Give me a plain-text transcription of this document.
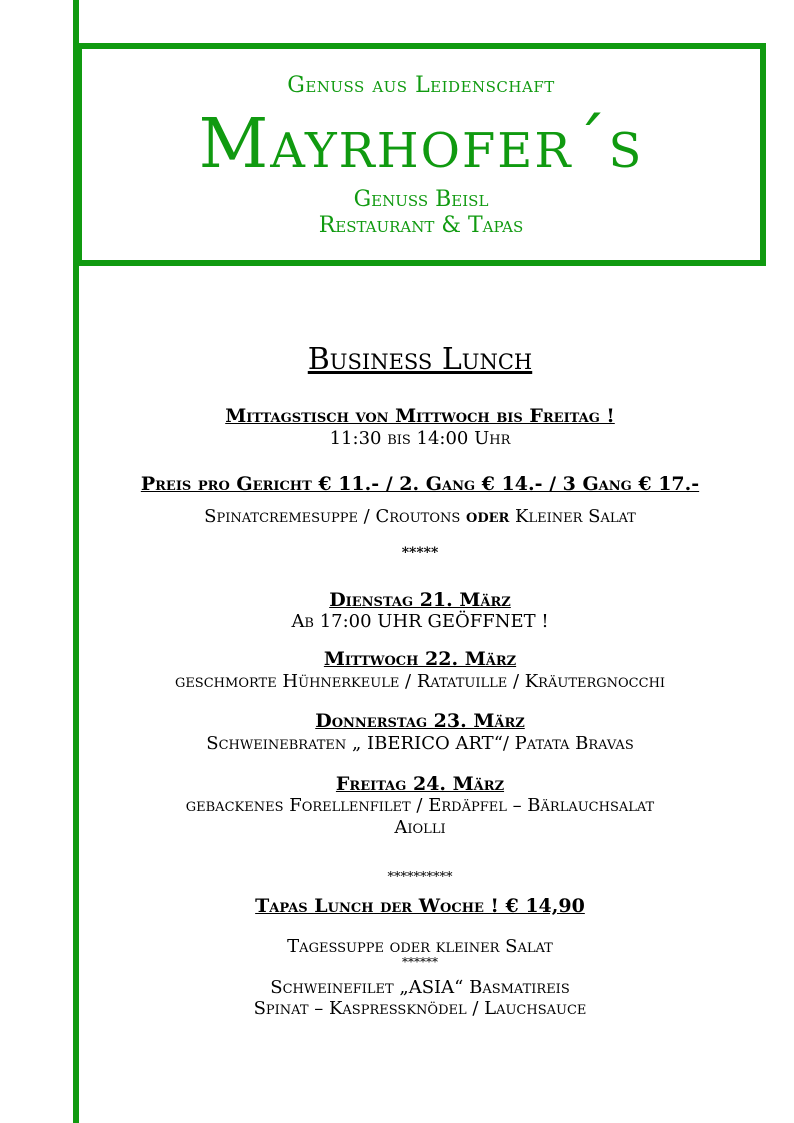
Genuss aus Leidenschaft
Mayrhofer´s
Genuss Beisl
Restaurant & Tapas
Business Lunch
Mittagstisch von Mittwoch bis Freitag !
11:30 bis 14:00 Uhr
Preis pro Gericht € 11.- / 2. Gang € 14.- / 3 Gang € 17.-
Spinatcremesuppe / Croutons oder Kleiner Salat
*****
Dienstag 21. März
Ab 17:00 UHR GEÖFFNET !
Mittwoch 22. März
geschmorte Hühnerkeule / Ratatuille / Kräutergnocchi
Donnerstag 23. März
Schweinebraten „ IBERICO ART“/ Patata Bravas
Freitag 24. März
gebackenes Forellenfilet / Erdäpfel – Bärlauchsalat
Aiolli
**********
Tapas Lunch der Woche ! € 14,90
Tagessuppe oder kleiner Salat
******
Schweinefilet „ASIA“ Basmatireis
Spinat – Kaspressknödel / Lauchsauce
